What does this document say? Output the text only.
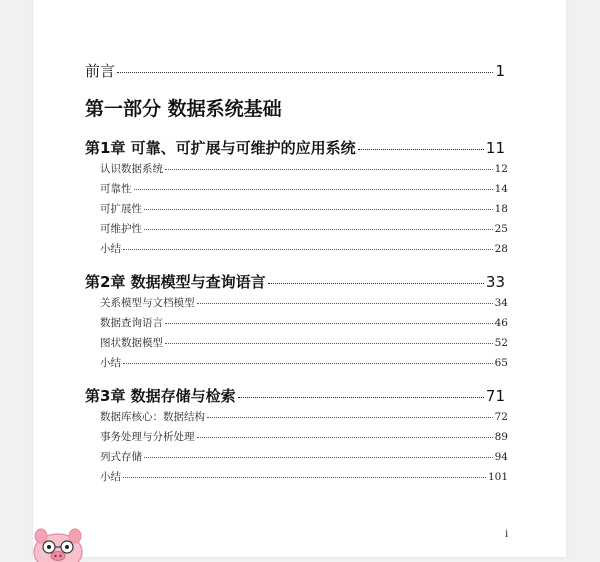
前言	1
第一部分 数据系统基础
第1章 可靠、可扩展与可维护的应用系统	11
认识数据系统	12
可靠性	14
可扩展性	18
可维护性	25
小结	28
第2章 数据模型与查询语言	33
关系模型与文档模型	34
数据查询语言	46
图状数据模型	52
小结	65
第3章 数据存储与检索	71
数据库核心：数据结构	72
事务处理与分析处理	89
列式存储	94
小结	101
i
